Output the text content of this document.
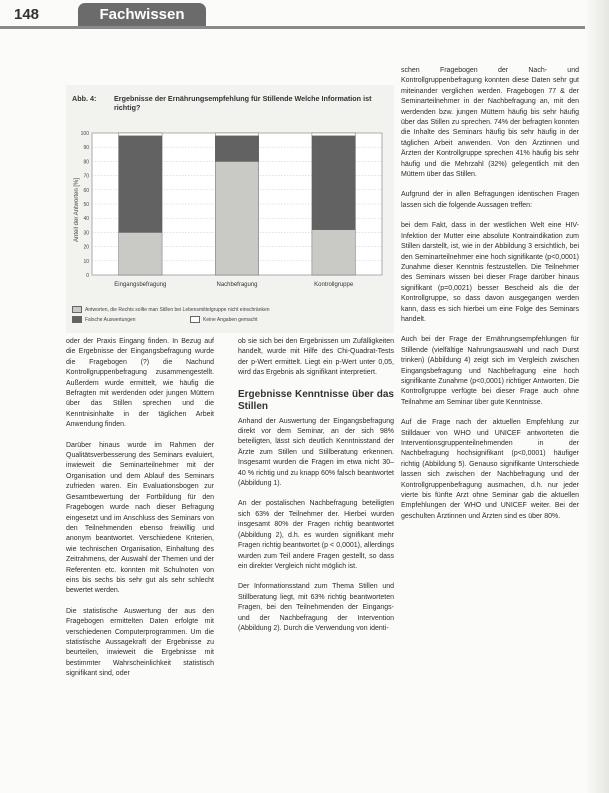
148	Fachwissen
Abb. 4: Ergebnisse der Ernährungsempfehlung für Stillende Welche Information ist richtig?
0
10
20
30
40
50
60
70
80
90
100
Eingangsbefragung	Nachbefragung	Kontrollgruppe
Anteil der Antworten [%]
Antworten, die Rechts sollte man Stillen bei Lebensmittelgruppe nicht einschränken
Falsche Auswertungen	Keine Angaben gemacht

oder der Praxis Eingang finden. In Bezug auf die Ergebnisse der Eingangsbefragung wurde die Fragebogen (?) die Nachund Kontrollgruppenbefragung zusammengestellt. Außerdem wurde ermittelt, wie häufig die Befragten mit werdenden oder jungen Müttern über das Stillen sprechen und die Kenntnisinhalte in der täglichen Arbeit Anwendung finden.

Darüber hinaus wurde im Rahmen der Qualitätsverbesserung des Seminars evaluiert, inwieweit die Seminarteilnehmer mit der Organisation und dem Ablauf des Seminars zufrieden waren. Ein Evaluationsbogen zur Gesamtbewertung der Fortbildung für den Fragebogen wurde nach dieser Befragung eingesetzt und im Anschluss des Seminars von den Teilnehmenden ebenso freiwillig und anonym beantwortet. Verschiedene Kriterien, wie technischen Organisation, Einhaltung des Zeitrahmens, der Auswahl der Themen und der Referenten etc. konnten mit Schulnoten von eins bis sechs bis sehr gut als sehr schlecht bewertet werden.

Die statistische Auswertung der aus den Fragebogen ermittelten Daten erfolgte mit verschiedenen Computerprogrammen. Um die statistische Aussagekraft der Ergebnisse zu beurteilen, inwieweit die Ergebnisse mit bestimmter Wahrscheinlichkeit statistisch signifikant sind, oder

ob sie sich bei den Ergebnissen um Zufälligkeiten handelt, wurde mit Hilfe des Chi-Quadrat-Tests der p-Wert ermittelt. Liegt ein p-Wert unter 0,05, wird das Ergebnis als signifikant interpretiert.

Ergebnisse Kenntnisse über das Stillen

Anhand der Auswertung der Eingangsbefragung direkt vor dem Seminar, an der sich 98% beteiligten, lässt sich deutlich Kenntnisstand der Ärzte zum Stillen und Stillberatung erkennen. Insgesamt wurden die Fragen im etwa nicht 30–40 % richtig und zu knapp 60% falsch beantwortet (Abbildung 1).

An der postalischen Nachbefragung beteiligten sich 63% der Teilnehmer der. Hierbei wurden insgesamt 80% der Fragen richtig beantwortet (Abbildung 2), d.h. es wurden signifikant mehr Fragen richtig beantwortet (p < 0,0001), allerdings wurden zum Teil andere Fragen gestellt, so dass ein direkter Vergleich nicht möglich ist.

Der Informationsstand zum Thema Stillen und Stillberatung liegt, mit 63% richtig beantworteten Fragen, bei den Teilnehmenden der Eingangs- und der Nachbefragung der Intervention (Abbildung 2). Durch die Verwendung von identi-

schen Fragebogen der Nach- und Kontrollgruppenbefragung konnten diese Daten sehr gut miteinander verglichen werden. Fragebogen 77 & der Seminarteilnehmer in der Nachbefragung an, mit den werdenden bzw. jungen Müttern häufig bis sehr häufig über das Stillen zu sprechen. 74% der befragten konnten die Inhalte des Seminars häufig bis sehr häufig in der täglichen Arbeit anwenden. Von den Ärztinnen und Ärzten der Kontrollgruppe sprechen 41% häufig bis sehr häufig und die Mehrzahl (32%) gelegentlich mit den Müttern über das Stillen.

Aufgrund der in allen Befragungen identischen Fragen lassen sich die folgende Aussagen treffen:

bei dem Fakt, dass in der westlichen Welt eine HIV-Infektion der Mutter eine absolute Kontraindikation zum Stillen darstellt, ist, wie in der Abbildung 3 ersichtlich, bei den Seminarteilnehmer eine hoch signifikante (p<0,0001) Zunahme dieser Kenntnis festzustellen. Die Teilnehmer des Seminars wissen bei dieser Frage darüber hinaus signifikant (p=0,0021) besser Bescheid als die der Kontrollgruppe, so dass davon ausgegangen werden kann, dass es sich hierbei um eine Folge des Seminars handelt.

Auch bei der Frage der Ernährungsempfehlungen für Stillende (vielfältige Nahrungsauswahl und nach Durst trinken) (Abbildung 4) zeigt sich im Vergleich zwischen Eingangsbefragung und Nachbefragung eine hoch signifikante Zunahme (p<0,0001) richtiger Antworten. Die Kontrollgruppe verfügte bei dieser Frage auch ohne Teilnahme am Seminar über gute Kenntnisse.

Auf die Frage nach der aktuellen Empfehlung zur Stilldauer von WHO und UNICEF antworteten die Interventionsgruppenteilnehmenden in der Nachbefragung hochsignifikant (p<0,0001) häufiger richtig (Abbildung 5). Genauso signifikante Unterschiede lassen sich zwischen der Nachbefragung und der Kontrollgruppenbefragung ausmachen, d.h. nur jeder vierte bis fünfte Arzt ohne Seminar gab die aktuellen Empfehlungen der WHO und UNICEF weiter. Bei der geschulten Ärztinnen und Ärzten sind es über 80%.
